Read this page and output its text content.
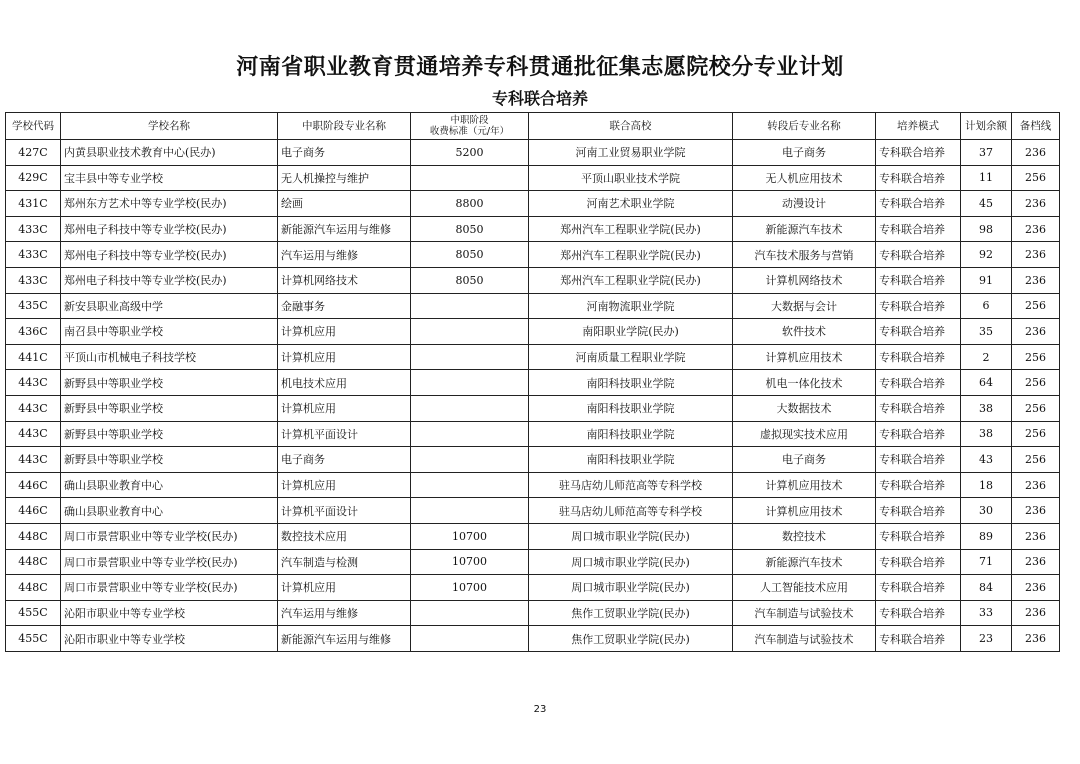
河南省职业教育贯通培养专科贯通批征集志愿院校分专业计划
专科联合培养
学校代码	学校名称	中职阶段专业名称	中职阶段
收费标准（元/年）	联合高校	转段后专业名称	培养模式	计划余额	备档线
427C	内黄县职业技术教育中心(民办)	电子商务	5200	河南工业贸易职业学院	电子商务	专科联合培养	37	236
429C	宝丰县中等专业学校	无人机操控与维护		平顶山职业技术学院	无人机应用技术	专科联合培养	11	256
431C	郑州东方艺术中等专业学校(民办)	绘画	8800	河南艺术职业学院	动漫设计	专科联合培养	45	236
433C	郑州电子科技中等专业学校(民办)	新能源汽车运用与维修	8050	郑州汽车工程职业学院(民办)	新能源汽车技术	专科联合培养	98	236
433C	郑州电子科技中等专业学校(民办)	汽车运用与维修	8050	郑州汽车工程职业学院(民办)	汽车技术服务与营销	专科联合培养	92	236
433C	郑州电子科技中等专业学校(民办)	计算机网络技术	8050	郑州汽车工程职业学院(民办)	计算机网络技术	专科联合培养	91	236
435C	新安县职业高级中学	金融事务		河南物流职业学院	大数据与会计	专科联合培养	6	256
436C	南召县中等职业学校	计算机应用		南阳职业学院(民办)	软件技术	专科联合培养	35	236
441C	平顶山市机械电子科技学校	计算机应用		河南质量工程职业学院	计算机应用技术	专科联合培养	2	256
443C	新野县中等职业学校	机电技术应用		南阳科技职业学院	机电一体化技术	专科联合培养	64	256
443C	新野县中等职业学校	计算机应用		南阳科技职业学院	大数据技术	专科联合培养	38	256
443C	新野县中等职业学校	计算机平面设计		南阳科技职业学院	虚拟现实技术应用	专科联合培养	38	256
443C	新野县中等职业学校	电子商务		南阳科技职业学院	电子商务	专科联合培养	43	256
446C	确山县职业教育中心	计算机应用		驻马店幼儿师范高等专科学校	计算机应用技术	专科联合培养	18	236
446C	确山县职业教育中心	计算机平面设计		驻马店幼儿师范高等专科学校	计算机应用技术	专科联合培养	30	236
448C	周口市景营职业中等专业学校(民办)	数控技术应用	10700	周口城市职业学院(民办)	数控技术	专科联合培养	89	236
448C	周口市景营职业中等专业学校(民办)	汽车制造与检测	10700	周口城市职业学院(民办)	新能源汽车技术	专科联合培养	71	236
448C	周口市景营职业中等专业学校(民办)	计算机应用	10700	周口城市职业学院(民办)	人工智能技术应用	专科联合培养	84	236
455C	沁阳市职业中等专业学校	汽车运用与维修		焦作工贸职业学院(民办)	汽车制造与试验技术	专科联合培养	33	236
455C	沁阳市职业中等专业学校	新能源汽车运用与维修		焦作工贸职业学院(民办)	汽车制造与试验技术	专科联合培养	23	236
23
